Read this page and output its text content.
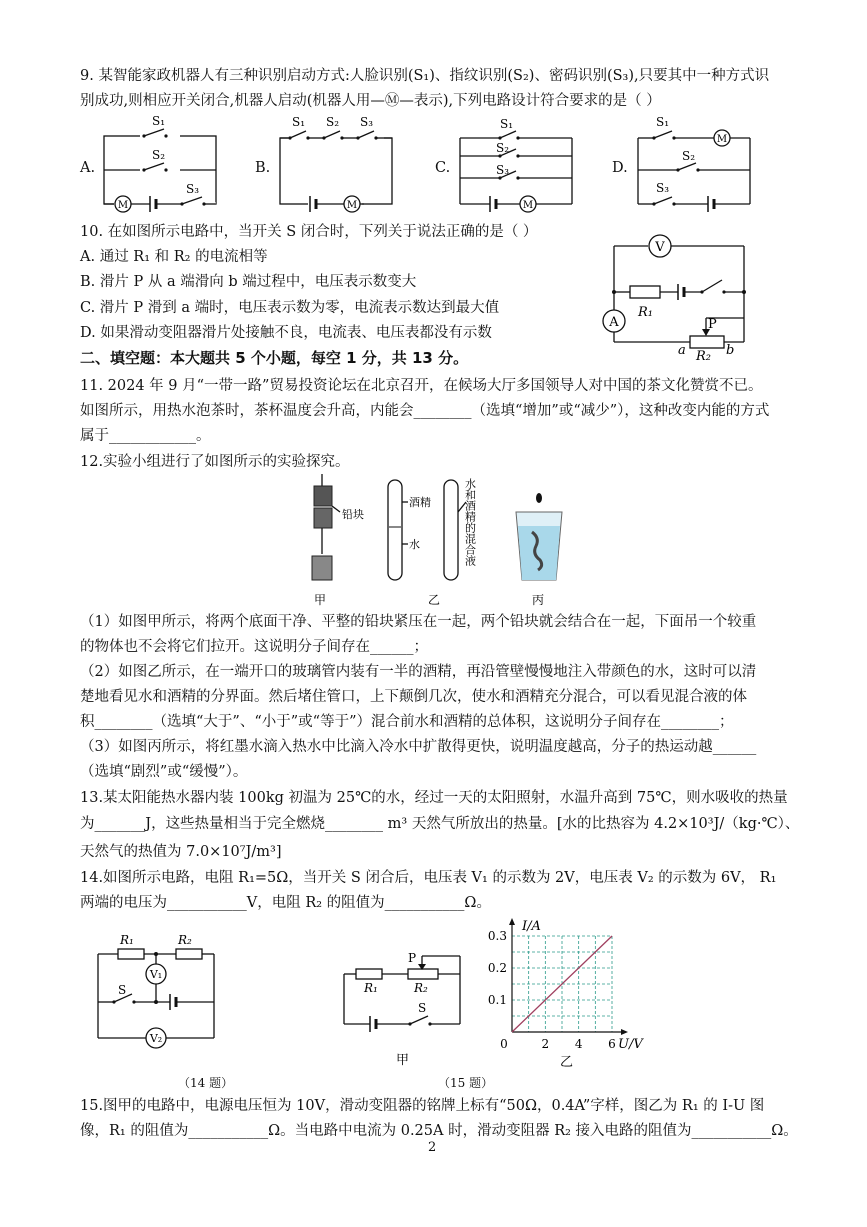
9. 某智能家政机器人有三种识别启动方式:人脸识别(S₁)、指纹识别(S₂)、密码识别(S₃),只要其中一种方式识
别成功,则相应开关闭合,机器人启动(机器人用—Ⓜ—表示),下列电路设计符合要求的是（ ）
A.	B.	C.	D.
M
S₁
S₂
S₃
M
S₁ S₂ S₃
M
S₁
S₂
S₃
M
S₁
S₂
S₃
10. 在如图所示电路中，当开关 S 闭合时，下列关于说法正确的是（ ）
A. 通过 R₁ 和 R₂ 的电流相等
B. 滑片 P 从 a 端滑向 b 端过程中，电压表示数变大
C. 滑片 P 滑到 a 端时，电压表示数为零，电流表示数达到最大值
D. 如果滑动变阻器滑片处接触不良，电流表、电压表都没有示数
V
R₁
A	P
a R₂ b
二、填空题：本大题共 5 个小题，每空 1 分，共 13 分。
11. 2024 年 9 月“一带一路”贸易投资论坛在北京召开，在候场大厅多国领导人对中国的茶文化赞赏不已。
如图所示，用热水泡茶时，茶杯温度会升高，内能会________（选填“增加”或“减少”），这种改变内能的方式
属于____________。
12.实验小组进行了如图所示的实验探究。
铅块
酒精
水	水和酒精的混合液
甲	乙	丙
（1）如图甲所示，将两个底面干净、平整的铅块紧压在一起，两个铅块就会结合在一起，下面吊一个较重
的物体也不会将它们拉开。这说明分子间存在______；
（2）如图乙所示，在一端开口的玻璃管内装有一半的酒精，再沿管壁慢慢地注入带颜色的水，这时可以清
楚地看见水和酒精的分界面。然后堵住管口，上下颠倒几次，使水和酒精充分混合，可以看见混合液的体
积________（选填“大于”、“小于”或“等于”）混合前水和酒精的总体积，这说明分子间存在________；
（3）如图丙所示，将红墨水滴入热水中比滴入冷水中扩散得更快，说明温度越高，分子的热运动越______
（选填“剧烈”或“缓慢”）。
13.某太阳能热水器内装 100kg 初温为 25℃的水，经过一天的太阳照射，水温升高到 75℃，则水吸收的热量
为_______J，这些热量相当于完全燃烧________ m³ 天然气所放出的热量。[水的比热容为 4.2×10³J/（kg·℃）、
天然气的热值为 7.0×10⁷J/m³]
14.如图所示电路，电阻 R₁=5Ω，当开关 S 闭合后，电压表 V₁ 的示数为 2V，电压表 V₂ 的示数为 6V， R₁
两端的电压为___________V，电阻 R₂ 的阻值为___________Ω。
R₁	R₂
V₁
S
V₂
（14 题）
P
R₁	R₂
S
甲
（15 题）
0	2 4 6
0.1
0.2
0.3
I/A
U/V
乙
15.图甲的电路中，电源电压恒为 10V，滑动变阻器的铭牌上标有“50Ω，0.4A”字样，图乙为 R₁ 的 I-U 图
像，R₁ 的阻值为___________Ω。当电路中电流为 0.25A 时，滑动变阻器 R₂ 接入电路的阻值为___________Ω。
2
